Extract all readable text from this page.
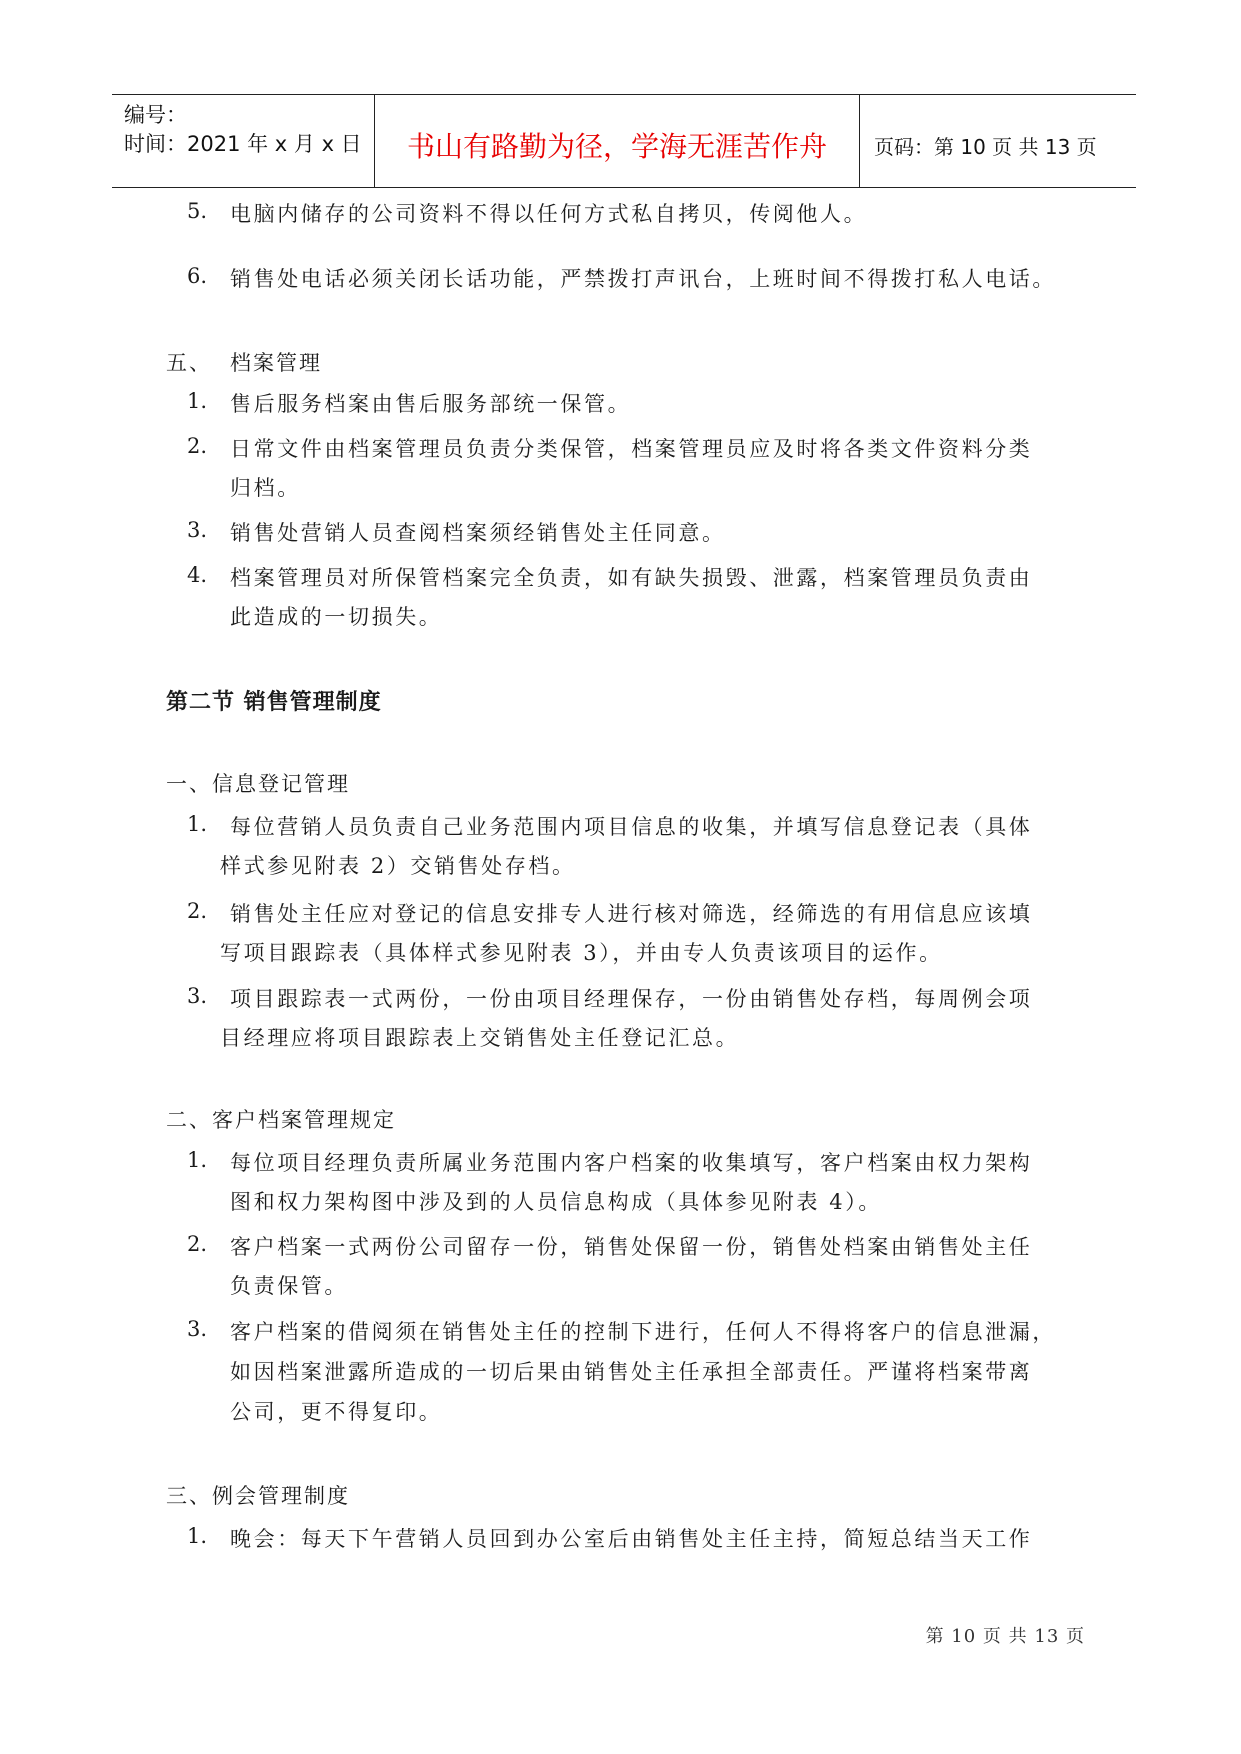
编号：
时间：2021 年 x 月 x 日	书山有路勤为径，学海无涯苦作舟	页码：第 10 页 共 13 页
5. 电脑内储存的公司资料不得以任何方式私自拷贝，传阅他人。
6. 销售处电话必须关闭长话功能，严禁拨打声讯台，上班时间不得拨打私人电话。
五、 档案管理
1. 售后服务档案由售后服务部统一保管。
2. 日常文件由档案管理员负责分类保管，档案管理员应及时将各类文件资料分类
归档。
3. 销售处营销人员查阅档案须经销售处主任同意。
4. 档案管理员对所保管档案完全负责，如有缺失损毁、泄露，档案管理员负责由
此造成的一切损失。
第二节 销售管理制度
一、信息登记管理
1. 每位营销人员负责自己业务范围内项目信息的收集，并填写信息登记表（具体
样式参见附表 2）交销售处存档。
2. 销售处主任应对登记的信息安排专人进行核对筛选，经筛选的有用信息应该填
写项目跟踪表（具体样式参见附表 3），并由专人负责该项目的运作。
3. 项目跟踪表一式两份，一份由项目经理保存，一份由销售处存档，每周例会项
目经理应将项目跟踪表上交销售处主任登记汇总。
二、客户档案管理规定
1. 每位项目经理负责所属业务范围内客户档案的收集填写，客户档案由权力架构
图和权力架构图中涉及到的人员信息构成（具体参见附表 4）。
2. 客户档案一式两份公司留存一份，销售处保留一份，销售处档案由销售处主任
负责保管。
3. 客户档案的借阅须在销售处主任的控制下进行，任何人不得将客户的信息泄漏，
如因档案泄露所造成的一切后果由销售处主任承担全部责任。严谨将档案带离
公司，更不得复印。
三、例会管理制度
1. 晚会：每天下午营销人员回到办公室后由销售处主任主持，简短总结当天工作
第 10 页 共 13 页
